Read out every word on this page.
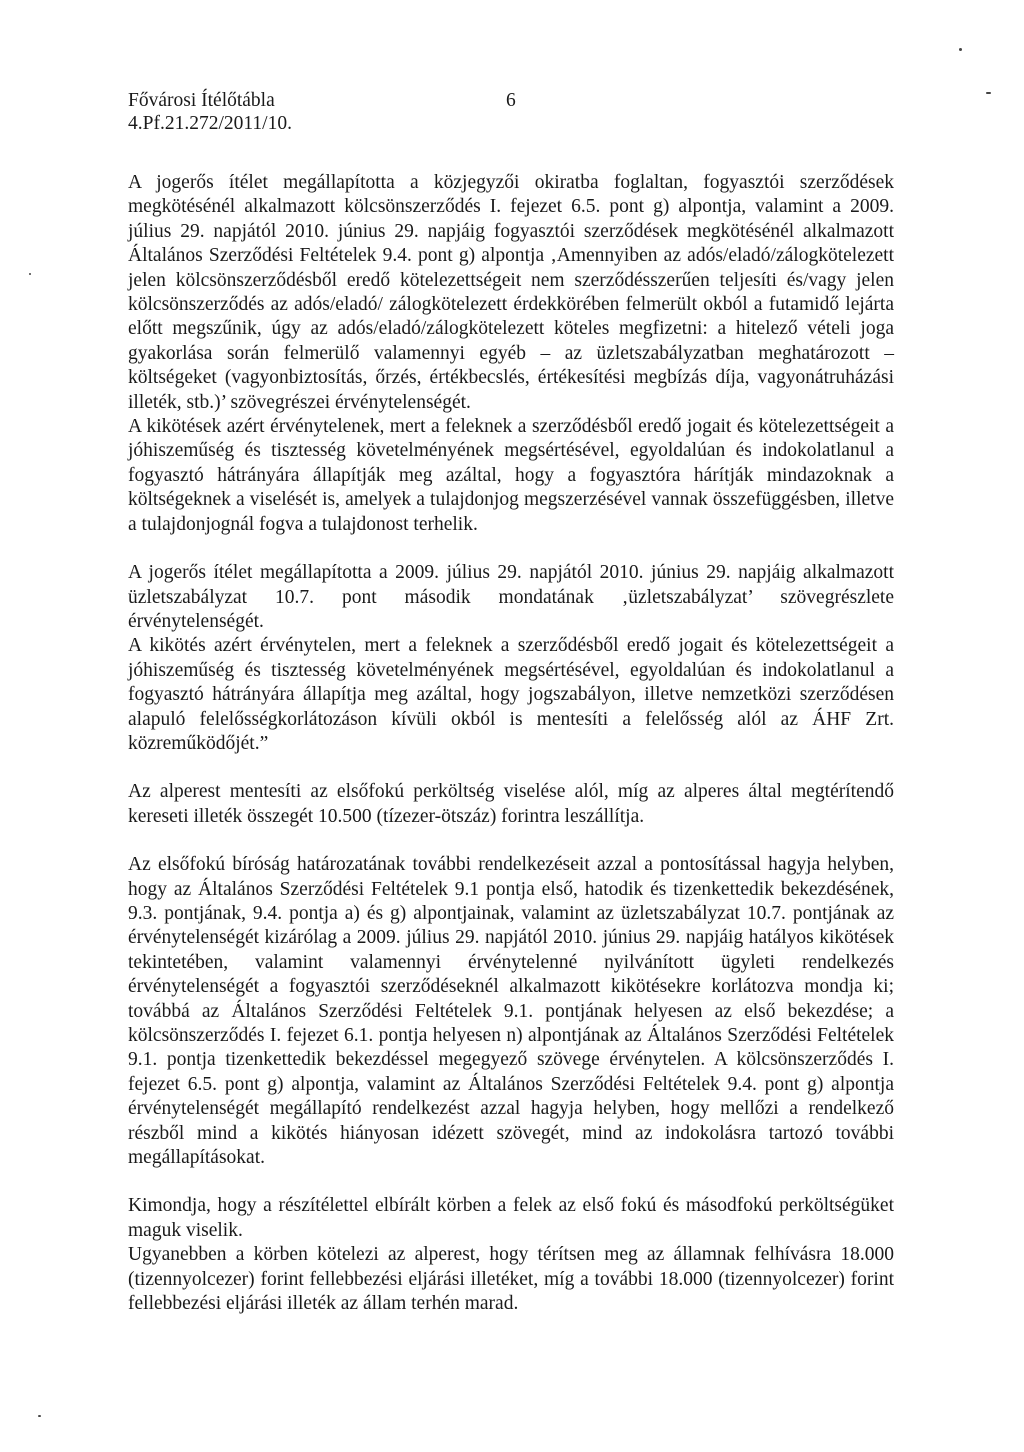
Fővárosi Ítélőtábla	6
4.Pf.21.272/2011/10.

A jogerős ítélet megállapította a közjegyzői okiratba foglaltan, fogyasztói szerződések megkötésénél alkalmazott kölcsönszerződés I. fejezet 6.5. pont g) alpontja, valamint a 2009. július 29. napjától 2010. június 29. napjáig fogyasztói szerződések megkötésénél alkalmazott Általános Szerződési Feltételek 9.4. pont g) alpontja ‚Amennyiben az adós/eladó/zálogkötelezett jelen kölcsönszerződésből eredő kötelezettségeit nem szerződésszerűen teljesíti és/vagy jelen kölcsönszerződés az adós/eladó/ zálogkötelezett érdekkörében felmerült okból a futamidő lejárta előtt megszűnik, úgy az adós/eladó/zálogkötelezett köteles megfizetni: a hitelező vételi joga gyakorlása során felmerülő valamennyi egyéb – az üzletszabályzatban meghatározott – költségeket (vagyonbiztosítás, őrzés, értékbecslés, értékesítési megbízás díja, vagyonátruházási illeték, stb.)’ szövegrészei érvénytelenségét.

A kikötések azért érvénytelenek, mert a feleknek a szerződésből eredő jogait és kötelezettségeit a jóhiszeműség és tisztesség követelményének megsértésével, egyoldalúan és indokolatlanul a fogyasztó hátrányára állapítják meg azáltal, hogy a fogyasztóra hárítják mindazoknak a költségeknek a viselését is, amelyek a tulajdonjog megszerzésével vannak összefüggésben, illetve a tulajdonjognál fogva a tulajdonost terhelik.

A jogerős ítélet megállapította a 2009. július 29. napjától 2010. június 29. napjáig alkalmazott üzletszabályzat 10.7. pont második mondatának ‚üzletszabályzat’ szövegrészlete érvénytelenségét.

A kikötés azért érvénytelen, mert a feleknek a szerződésből eredő jogait és kötelezettségeit a jóhiszeműség és tisztesség követelményének megsértésével, egyoldalúan és indokolatlanul a fogyasztó hátrányára állapítja meg azáltal, hogy jogszabályon, illetve nemzetközi szerződésen alapuló felelősségkorlátozáson kívüli okból is mentesíti a felelősség alól az ÁHF Zrt. közreműködőjét.”

Az alperest mentesíti az elsőfokú perköltség viselése alól, míg az alperes által megtérítendő kereseti illeték összegét 10.500 (tízezer-ötszáz) forintra leszállítja.

Az elsőfokú bíróság határozatának további rendelkezéseit azzal a pontosítással hagyja helyben, hogy az Általános Szerződési Feltételek 9.1 pontja első, hatodik és tizenkettedik bekezdésének, 9.3. pontjának, 9.4. pontja a) és g) alpontjainak, valamint az üzletszabályzat 10.7. pontjának az érvénytelenségét kizárólag a 2009. július 29. napjától 2010. június 29. napjáig hatályos kikötések tekintetében, valamint valamennyi érvénytelenné nyilvánított ügyleti rendelkezés érvénytelenségét a fogyasztói szerződéseknél alkalmazott kikötésekre korlátozva mondja ki; továbbá az Általános Szerződési Feltételek 9.1. pontjának helyesen az első bekezdése; a kölcsönszerződés I. fejezet 6.1. pontja helyesen n) alpontjának az Általános Szerződési Feltételek 9.1. pontja tizenkettedik bekezdéssel megegyező szövege érvénytelen. A kölcsönszerződés I. fejezet 6.5. pont g) alpontja, valamint az Általános Szerződési Feltételek 9.4. pont g) alpontja érvénytelenségét megállapító rendelkezést azzal hagyja helyben, hogy mellőzi a rendelkező részből mind a kikötés hiányosan idézett szövegét, mind az indokolásra tartozó további megállapításokat.

Kimondja, hogy a részítélettel elbírált körben a felek az első fokú és másodfokú perköltségüket maguk viselik.

Ugyanebben a körben kötelezi az alperest, hogy térítsen meg az államnak felhívásra 18.000 (tizennyolcezer) forint fellebbezési eljárási illetéket, míg a további 18.000 (tizennyolcezer) forint fellebbezési eljárási illeték az állam terhén marad.
